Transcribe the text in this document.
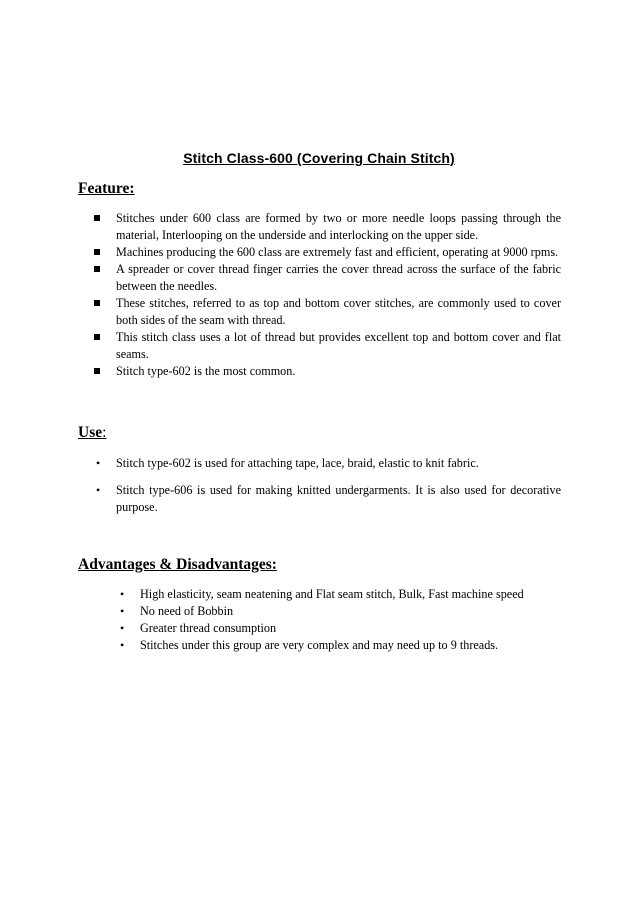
Stitch Class-600 (Covering Chain Stitch)
Feature:
Stitches under 600 class are formed by two or more needle loops passing through the material, Interlooping on the underside and interlocking on the upper side.
Machines producing the 600 class are extremely fast and efficient, operating at 9000 rpms.
A spreader or cover thread finger carries the cover thread across the surface of the fabric between the needles.
These stitches, referred to as top and bottom cover stitches, are commonly used to cover both sides of the seam with thread.
This stitch class uses a lot of thread but provides excellent top and bottom cover and flat seams.
Stitch type-602 is the most common.
Use:
• Stitch type-602 is used for attaching tape, lace, braid, elastic to knit fabric.
• Stitch type-606 is used for making knitted undergarments. It is also used for decorative purpose.
Advantages & Disadvantages:
• High elasticity, seam neatening and Flat seam stitch, Bulk, Fast machine speed
• No need of Bobbin
• Greater thread consumption
• Stitches under this group are very complex and may need up to 9 threads.
